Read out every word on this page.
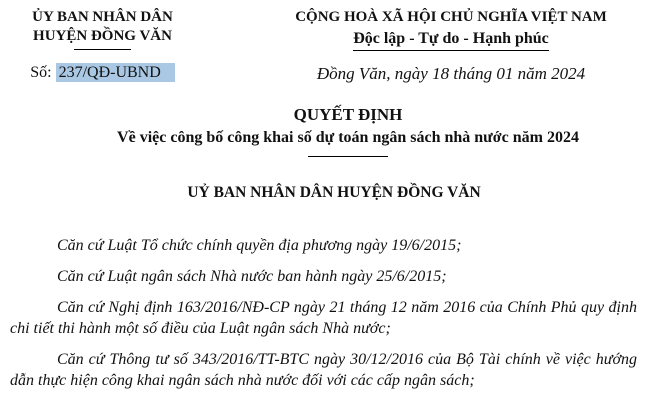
ỦY BAN NHÂN DÂN
HUYỆN ĐỒNG VĂN
Số: 237/QĐ-UBND
CỘNG HOÀ XÃ HỘI CHỦ NGHĨA VIỆT NAM
Độc lập - Tự do - Hạnh phúc
Đồng Văn, ngày 18 tháng 01 năm 2024
QUYẾT ĐỊNH
Về việc công bố công khai số dự toán ngân sách nhà nước năm 2024
UỶ BAN NHÂN DÂN HUYỆN ĐỒNG VĂN

Căn cứ Luật Tổ chức chính quyền địa phương ngày 19/6/2015;

Căn cứ Luật ngân sách Nhà nước ban hành ngày 25/6/2015;

Căn cứ Nghị định 163/2016/NĐ-CP ngày 21 tháng 12 năm 2016 của Chính Phủ quy định chi tiết thi hành một số điều của Luật ngân sách Nhà nước;

Căn cứ Thông tư số 343/2016/TT-BTC ngày 30/12/2016 của Bộ Tài chính về việc hướng dẫn thực hiện công khai ngân sách nhà nước đối với các cấp ngân sách;
